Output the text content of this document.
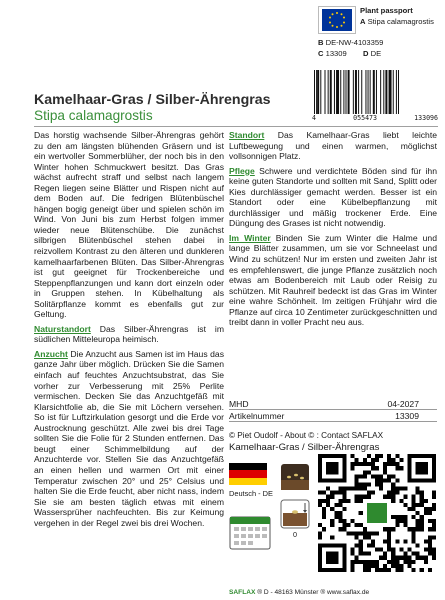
Plant passport
A Stipa calamagrostis
B DE-NW-4103359
C 13309 D DE
4	055473	133096
Kamelhaar-Gras / Silber-Ährengras
Stipa calamagrostis

Das horstig wachsende Silber-Ährengras gehört zu den am längsten blühenden Gräsern und ist ein wertvoller Sommerblüher, der noch bis in den Winter hohen Schmuckwert besitzt. Das Gras wächst aufrecht straff und selbst nach langem Regen liegen seine Blätter und Rispen nicht auf dem Boden auf. Die fedrigen Blütenbüschel hängen bogig geneigt über und spielen schön im Wind. Von Juni bis zum Herbst folgen immer wieder neue Blütenschübe. Die zunächst silbrigen Blütenbüschel stehen dabei in reizvollem Kontrast zu den älteren und dunkleren kamelhaarfarbenen Blüten. Das Silber-Ährengras ist gut geeignet für Trockenbereiche und Steppenpflanzungen und kann dort einzeln oder in Gruppen stehen. In Kübelhaltung als Solitärpflanze kommt es ebenfalls gut zur Geltung.

Naturstandort Das Silber-Ährengras ist im südlichen Mitteleuropa heimisch.

Anzucht Die Anzucht aus Samen ist im Haus das ganze Jahr über möglich. Drücken Sie die Samen einfach auf feuchtes Anzuchtsubstrat, das Sie vorher zur Verbesserung mit 25% Perlite vermischen. Decken Sie das Anzuchtgefäß mit Klarsichtfolie ab, die Sie mit Löchern versehen. So ist für Luftzirkulation gesorgt und die Erde vor Austrocknung geschützt. Alle zwei bis drei Tage sollten Sie die Folie für 2 Stunden entfernen. Das beugt einer Schimmelbildung auf der Anzuchterde vor. Stellen Sie das Anzuchtgefäß an einen hellen und warmen Ort mit einer Temperatur zwischen 20° und 25° Celsius und halten Sie die Erde feucht, aber nicht nass, indem Sie sie am besten täglich etwas mit einem Wassersprüher nachfeuchten. Bis zur Keimung vergehen in der Regel zwei bis drei Wochen.

Standort Das Kamelhaar-Gras liebt leichte Luftbewegung und einen warmen, möglichst vollsonnigen Platz.

Pflege Schwere und verdichtete Böden sind für ihn keine guten Standorte und sollten mit Sand, Splitt oder Kies durchlässiger gemacht werden. Besser ist ein Standort oder eine Kübelbepflanzung mit durchlässiger und mäßig trockener Erde. Eine Düngung des Grases ist nicht notwendig.

Im Winter Binden Sie zum Winter die Halme und lange Blätter zusammen, um sie vor Schneelast und Wind zu schützen! Nur im ersten und zweiten Jahr ist es empfehlenswert, die junge Pflanze zusätzlich noch etwas am Bodenbereich mit Laub oder Reisig zu schützen. Mit Rauhreif bedeckt ist das Gras im Winter eine wahre Schönheit. Im zeitigen Frühjahr wird die Pflanze auf circa 10 Zentimeter zurückgeschnitten und treibt dann in voller Pracht neu aus.

MHD	04-2027
Artikelnummer	13309
© Piet Oudolf - About © : Contact SAFLAX
Kamelhaar-Gras / Silber-Ährengras
Deutsch - DE
0
SAFLAX ® D - 48163 Münster ® www.saflax.de
